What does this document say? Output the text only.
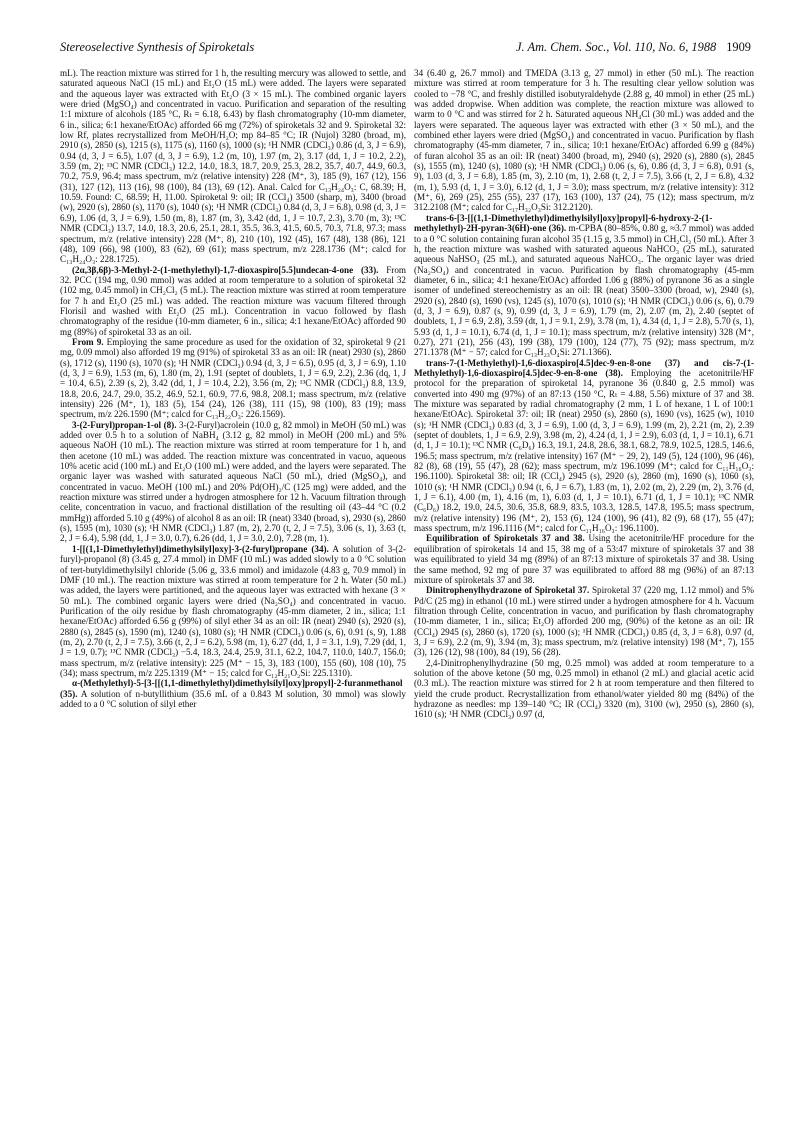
Stereoselective Synthesis of Spiroketals	J. Am. Chem. Soc., Vol. 110, No. 6, 1988 1909

mL). The reaction mixture was stirred for 1 h, the resulting mercury was allowed to settle, and saturated aqueous NaCl (15 mL) and Et₂O (15 mL) were added. The layers were separated and the aqueous layer was extracted with Et₂O (3 × 15 mL). The combined organic layers were dried (MgSO₄) and concentrated in vacuo. Purification and separation of the resulting 1:1 mixture of alcohols (185 °C, Rₜ = 6.18, 6.43) by flash chromatography (10-mm diameter, 6 in., silica; 6:1 hexane/EtOAc) afforded 66 mg (72%) of spiroketals 32 and 9. Spiroketal 32: low Rf, plates recrystallized from MeOH/H₂O; mp 84–85 °C; IR (Nujol) 3280 (broad, m), 2910 (s), 2850 (s), 1215 (s), 1175 (s), 1160 (s), 1000 (s); ¹H NMR (CDCl₃) 0.86 (d, 3, J = 6.9), 0.94 (d, 3, J = 6.5), 1.07 (d, 3, J = 6.9), 1.2 (m, 10), 1.97 (m, 2), 3.17 (dd, 1, J = 10.2, 2.2), 3.59 (m, 2); ¹³C NMR (CDCl₃) 12.2, 14.0, 18.3, 18.7, 20.9, 25.3, 28.2, 35.7, 40.7, 44.9, 60.3, 70.2, 75.9, 96.4; mass spectrum, m/z (relative intensity) 228 (M⁺, 3), 185 (9), 167 (12), 156 (31), 127 (12), 113 (16), 98 (100), 84 (13), 69 (12). Anal. Calcd for C₁₃H₂₄O₃: C, 68.39; H, 10.59. Found: C, 68.59; H, 11.00. Spiroketal 9: oil; IR (CCl₄) 3500 (sharp, m), 3400 (broad (w), 2920 (s), 2860 (s), 1170 (s), 1040 (s); ¹H NMR (CDCl₃) 0.84 (d, 3, J = 6.8), 0.98 (d, 3, J = 6.9), 1.06 (d, 3, J = 6.9), 1.50 (m, 8), 1.87 (m, 3), 3.42 (dd, 1, J = 10.7, 2.3), 3.70 (m, 3); ¹³C NMR (CDCl₃) 13.7, 14.0, 18.3, 20.6, 25.1, 28.1, 35.5, 36.3, 41.5, 60.5, 70.3, 71.8, 97.3; mass spectrum, m/z (relative intensity) 228 (M⁺, 8), 210 (10), 192 (45), 167 (48), 138 (86), 121 (48), 109 (66), 98 (100), 83 (62), 69 (61); mass spectrum, m/z 228.1736 (M⁺; calcd for C₁₃H₂₄O₃: 228.1725).

(2α,3β,6β)-3-Methyl-2-(1-methylethyl)-1,7-dioxaspiro[5.5]undecan-4-one (33). From 32. PCC (194 mg, 0.90 mmol) was added at room temperature to a solution of spiroketal 32 (102 mg, 0.45 mmol) in CH₂Cl₂ (5 mL). The reaction mixture was stirred at room temperature for 7 h and Et₂O (25 mL) was added. The reaction mixture was vacuum filtered through Florisil and washed with Et₂O (25 mL). Concentration in vacuo followed by flash chromatography of the residue (10-mm diameter, 6 in., silica; 4:1 hexane/EtOAc) afforded 90 mg (89%) of spiroketal 33 as an oil.

From 9. Employing the same procedure as used for the oxidation of 32, spiroketal 9 (21 mg, 0.09 mmol) also afforded 19 mg (91%) of spiroketal 33 as an oil: IR (neat) 2930 (s), 2860 (s), 1712 (s), 1190 (s), 1070 (s); ¹H NMR (CDCl₃) 0.94 (d, 3, J = 6.5), 0.95 (d, 3, J = 6.9), 1.10 (d, 3, J = 6.9), 1.53 (m, 6), 1.80 (m, 2), 1.91 (septet of doublets, 1, J = 6.9, 2.2), 2.36 (dq, 1, J = 10.4, 6.5), 2.39 (s, 2), 3.42 (dd, 1, J = 10.4, 2.2), 3.56 (m, 2); ¹³C NMR (CDCl₃) 8.8, 13.9, 18.8, 20.6, 24.7, 29.0, 35.2, 46.9, 52.1, 60.9, 77.6, 98.8, 208.1; mass spectrum, m/z (relative intensity) 226 (M⁺, 1), 183 (5), 154 (24), 126 (38), 111 (15), 98 (100), 83 (19); mass spectrum, m/z 226.1590 (M⁺; calcd for C₁₃H₂₂O₃: 226.1569).

3-(2-Furyl)propan-1-ol (8). 3-(2-Furyl)acrolein (10.0 g, 82 mmol) in MeOH (50 mL) was added over 0.5 h to a solution of NaBH₄ (3.12 g, 82 mmol) in MeOH (200 mL) and 5% aqueous NaOH (10 mL). The reaction mixture was stirred at room temperature for 1 h, and then acetone (10 mL) was added. The reaction mixture was concentrated in vacuo, aqueous 10% acetic acid (100 mL) and Et₂O (100 mL) were added, and the layers were separated. The organic layer was washed with saturated aqueous NaCl (50 mL), dried (MgSO₄), and concentrated in vacuo. MeOH (100 mL) and 20% Pd(OH)₂/C (125 mg) were added, and the reaction mixture was stirred under a hydrogen atmosphere for 12 h. Vacuum filtration through celite, concentration in vacuo, and fractional distillation of the resulting oil (43–44 °C (0.2 mmHg)) afforded 5.10 g (49%) of alcohol 8 as an oil: IR (neat) 3340 (broad, s), 2930 (s), 2860 (s), 1595 (m), 1030 (s); ¹H NMR (CDCl₃) 1.87 (m, 2), 2.70 (t, 2, J = 7.5), 3.06 (s, 1), 3.63 (t, 2, J = 6.4), 5.98 (dd, 1, J = 3.0, 0.7), 6.26 (dd, 1, J = 3.0, 2.0), 7.28 (m, 1).

1-[[(1,1-Dimethylethyl)dimethylsilyl]oxy]-3-(2-furyl)propane (34). A solution of 3-(2-furyl)-propanol (8) (3.45 g, 27.4 mmol) in DMF (10 mL) was added slowly to a 0 °C solution of tert-butyldimethylsilyl chloride (5.06 g, 33.6 mmol) and imidazole (4.83 g, 70.9 mmol) in DMF (10 mL). The reaction mixture was stirred at room temperature for 2 h. Water (50 mL) was added, the layers were partitioned, and the aqueous layer was extracted with hexane (3 × 50 mL). The combined organic layers were dried (Na₂SO₄) and concentrated in vacuo. Purification of the oily residue by flash chromatography (45-mm diameter, 2 in., silica; 1:1 hexane/EtOAc) afforded 6.56 g (99%) of silyl ether 34 as an oil: IR (neat) 2940 (s), 2920 (s), 2880 (s), 2845 (s), 1590 (m), 1240 (s), 1080 (s); ¹H NMR (CDCl₃) 0.06 (s, 6), 0.91 (s, 9), 1.88 (m, 2), 2.70 (t, 2, J = 7.5), 3.66 (t, 2, J = 6.2), 5.98 (m, 1), 6.27 (dd, 1, J = 3.1, 1.9), 7.29 (dd, 1, J = 1.9, 0.7); ¹³C NMR (CDCl₃) −5.4, 18.3, 24.4, 25.9, 31.1, 62.2, 104.7, 110.0, 140.7, 156.0; mass spectrum, m/z (relative intensity): 225 (M⁺ − 15, 3), 183 (100), 155 (60), 108 (10), 75 (34); mass spectrum, m/z 225.1319 (M⁺ − 15; calcd for C₁₂H₂₁O₂Si: 225.1310).

α-(Methylethyl)-5-[3-[[(1,1-dimethylethyl)dimethylsilyl]oxy]propyl]-2-furanmethanol (35). A solution of n-butyllithium (35.6 mL of a 0.843 M solution, 30 mmol) was slowly added to a 0 °C solution of silyl ether

34 (6.40 g, 26.7 mmol) and TMEDA (3.13 g, 27 mmol) in ether (50 mL). The reaction mixture was stirred at room temperature for 3 h. The resulting clear yellow solution was cooled to −78 °C, and freshly distilled isobutyraldehyde (2.88 g, 40 mmol) in ether (25 mL) was added dropwise. When addition was complete, the reaction mixture was allowed to warm to 0 °C and was stirred for 2 h. Saturated aqueous NH₄Cl (30 mL) was added and the layers were separated. The aqueous layer was extracted with ether (3 × 50 mL), and the combined ether layers were dried (MgSO₄) and concentrated in vacuo. Purification by flash chromatography (45-mm diameter, 7 in., silica; 10:1 hexane/EtOAc) afforded 6.99 g (84%) of furan alcohol 35 as an oil: IR (neat) 3400 (broad, m), 2940 (s), 2920 (s), 2880 (s), 2845 (s), 1555 (m), 1240 (s), 1080 (s); ¹H NMR (CDCl₃) 0.06 (s, 6), 0.86 (d, 3, J = 6.8), 0.91 (s, 9), 1.03 (d, 3, J = 6.8), 1.85 (m, 3), 2.10 (m, 1), 2.68 (t, 2, J = 7.5), 3.66 (t, 2, J = 6.8), 4.32 (m, 1), 5.93 (d, 1, J = 3.0), 6.12 (d, 1, J = 3.0); mass spectrum, m/z (relative intensity): 312 (M⁺, 6), 269 (25), 255 (55), 237 (17), 163 (100), 137 (24), 75 (12); mass spectrum, m/z 312.2108 (M⁺; calcd for C₁₇H₃₂O₃Si: 312.2120).

trans-6-[3-[[(1,1-Dimethylethyl)dimethylsilyl]oxy]propyl]-6-hydroxy-2-(1-methylethyl)-2H-pyran-3(6H)-one (36). m-CPBA (80–85%, 0.80 g, ≈3.7 mmol) was added to a 0 °C solution containing furan alcohol 35 (1.15 g, 3.5 mmol) in CH₂Cl₂ (50 mL). After 3 h, the reaction mixture was washed with saturated aqueous NaHCO₃ (25 mL), saturated aqueous NaHSO₃ (25 mL), and saturated aqueous NaHCO₃. The organic layer was dried (Na₂SO₄) and concentrated in vacuo. Purification by flash chromatography (45-mm diameter, 6 in., silica; 4:1 hexane/EtOAc) afforded 1.06 g (88%) of pyranone 36 as a single isomer of undefined stereochemistry as an oil: IR (neat) 3500–3300 (broad, w), 2940 (s), 2920 (s), 2840 (s), 1690 (vs), 1245 (s), 1070 (s), 1010 (s); ¹H NMR (CDCl₃) 0.06 (s, 6), 0.79 (d, 3, J = 6.9), 0.87 (s, 9), 0.99 (d, 3, J = 6.9), 1.79 (m, 2), 2.07 (m, 2), 2.40 (septet of doublets, 1, J = 6.9, 2.8), 3.59 (dt, 1, J = 9.1, 2.9), 3.78 (m, 1), 4.34 (d, 1, J = 2.8), 5.70 (s, 1), 5.93 (d, 1, J = 10.1), 6.74 (d, 1, J = 10.1); mass spectrum, m/z (relative intensity) 328 (M⁺, 0.27), 271 (21), 256 (43), 199 (38), 179 (100), 124 (77), 75 (92); mass spectrum, m/z 271.1378 (M⁺ − 57; calcd for C₁₃H₂₃O₄Si: 271.1366).

trans-7-(1-Methylethyl)-1,6-dioxaspiro[4.5]dec-9-en-8-one (37) and cis-7-(1-Methylethyl)-1,6-dioxaspiro[4.5]dec-9-en-8-one (38). Employing the acetonitrile/HF protocol for the preparation of spiroketal 14, pyranone 36 (0.840 g, 2.5 mmol) was converted into 490 mg (97%) of an 87:13 (150 °C, Rₜ = 4.88, 5.56) mixture of 37 and 38. The mixture was separated by radial chromatography (2 mm, 1 L of hexane, 1 L of 100:1 hexane/EtOAc). Spiroketal 37: oil; IR (neat) 2950 (s), 2860 (s), 1690 (vs), 1625 (w), 1010 (s); ¹H NMR (CDCl₃) 0.83 (d, 3, J = 6.9), 1.00 (d, 3, J = 6.9), 1.99 (m, 2), 2.21 (m, 2), 2.39 (septet of doublets, 1, J = 6.9, 2.9), 3.98 (m, 2), 4.24 (d, 1, J = 2.9), 6.03 (d, 1, J = 10.1), 6.71 (d, 1, J = 10.1); ¹³C NMR (C₆D₆) 16.3, 19.1, 24.8, 28.6, 38.1, 68.2, 78.9, 102.5, 128.5, 146.6, 196.5; mass spectrum, m/z (relative intensity) 167 (M⁺ − 29, 2), 149 (5), 124 (100), 96 (46), 82 (8), 68 (19), 55 (47), 28 (62); mass spectrum, m/z 196.1099 (M⁺; calcd for C₁₁H₁₆O₃: 196.1100). Spiroketal 38: oil; IR (CCl₄) 2945 (s), 2920 (s), 2860 (m), 1690 (s), 1060 (s), 1010 (s); ¹H NMR (CDCl₃) 0.94 (t, 6, J = 6.7), 1.83 (m, 1), 2.02 (m, 2), 2.29 (m, 2), 3.76 (d, 1, J = 6.1), 4.00 (m, 1), 4.16 (m, 1), 6.03 (d, 1, J = 10.1), 6.71 (d, 1, J = 10.1); ¹³C NMR (C₆D₆) 18.2, 19.0, 24.5, 30.6, 35.8, 68.9, 83.5, 103.3, 128.5, 147.8, 195.5; mass spectrum, m/z (relative intensity) 196 (M⁺, 2), 153 (6), 124 (100), 96 (41), 82 (9), 68 (17), 55 (47); mass spectrum, m/z 196.1116 (M⁺; calcd for C₁₁H₁₆O₃: 196.1100).

Equilibration of Spiroketals 37 and 38. Using the acetonitrile/HF procedure for the equilibration of spiroketals 14 and 15, 38 mg of a 53:47 mixture of spiroketals 37 and 38 was equilibrated to yield 34 mg (89%) of an 87:13 mixture of spiroketals 37 and 38. Using the same method, 92 mg of pure 37 was equilibrated to afford 88 mg (96%) of an 87:13 mixture of spiroketals 37 and 38.

Dinitrophenylhydrazone of Spiroketal 37. Spiroketal 37 (220 mg, 1.12 mmol) and 5% Pd/C (25 mg) in ethanol (10 mL) were stirred under a hydrogen atmosphere for 4 h. Vacuum filtration through Celite, concentration in vacuo, and purification by flash chromatography (10-mm diameter, 1 in., silica; Et₂O) afforded 200 mg, (90%) of the ketone as an oil: IR (CCl₄) 2945 (s), 2860 (s), 1720 (s), 1000 (s); ¹H NMR (CDCl₃) 0.85 (d, 3, J = 6.8), 0.97 (d, 3, J = 6.9), 2.2 (m, 9), 3.94 (m, 3); mass spectrum, m/z (relative intensity) 198 (M⁺, 7), 155 (3), 126 (12), 98 (100), 84 (19), 56 (28).

2,4-Dinitrophenylhydrazine (50 mg, 0.25 mmol) was added at room temperature to a solution of the above ketone (50 mg, 0.25 mmol) in ethanol (2 mL) and glacial acetic acid (0.3 mL). The reaction mixture was stirred for 2 h at room temperature and then filtered to yield the crude product. Recrystallization from ethanol/water yielded 80 mg (84%) of the hydrazone as needles: mp 139–140 °C; IR (CCl₄) 3320 (m), 3100 (w), 2950 (s), 2860 (s), 1610 (s); ¹H NMR (CDCl₃) 0.97 (d,
